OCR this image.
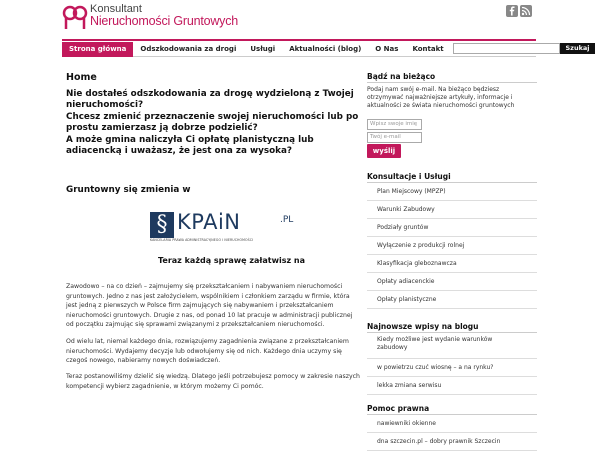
Konsultant
Nieruchomości Gruntowych
Strona główna	Odszkodowania za drogi	Usługi	Aktualności (blog)	O Nas	Kontakt	Szukaj
Home
Nie dostałeś odszkodowania za drogę wydzieloną z Twojej nieruchomości?
Chcesz zmienić przeznaczenie swojej nieruchomości lub po prostu zamierzasz ją dobrze podzielić?
A może gmina naliczyła Ci opłatę planistyczną lub adiacencką i uważasz, że jest ona za wysoka?
Gruntowny się zmienia w
§ KPAiN	.PL
KANCELARIA PRAWA ADMINISTRACYJNEGO I NIERUCHOMOŚCI
Teraz każdą sprawę załatwisz na
Zawodowo – na co dzień – zajmujemy się przekształcaniem i nabywaniem nieruchomości gruntowych. Jedno z nas jest założycielem, wspólnikiem i członkiem zarządu w firmie, która jest jedną z pierwszych w Polsce firm zajmujących się nabywaniem i przekształcaniem nieruchomości gruntowych. Drugie z nas, od ponad 10 lat pracuje w administracji publicznej od początku zajmując się sprawami związanymi z przekształcaniem nieruchomości.
Od wielu lat, niemal każdego dnia, rozwiązujemy zagadnienia związane z przekształcaniem nieruchomości. Wydajemy decyzje lub odwołujemy się od nich. Każdego dnia uczymy się czegoś nowego, nabieramy nowych doświadczeń.
Teraz postanowiliśmy dzielić się wiedzą. Dlatego jeśli potrzebujesz pomocy w zakresie naszych kompetencji wybierz zagadnienie, w którym możemy Ci pomóc.
Bądź na bieżąco
Podaj nam swój e-mail. Na bieżąco będziesz otrzymywać najważniejsze artykuły, informacje i aktualności ze świata nieruchomości gruntowych
Wpisz swoje imię
Twój e-mail
wyślij
Konsultacje i Usługi
Plan Miejscowy (MPZP)
Warunki Zabudowy
Podziały gruntów
Wyłączenie z produkcji rolnej
Klasyfikacja gleboznawcza
Opłaty adiacenckie
Opłaty planistyczne
Najnowsze wpisy na blogu
Kiedy możliwe jest wydanie warunków zabudowy
w powietrzu czuć wiosnę – a na rynku?
lekka zmiana serwisu
Pomoc prawna
nawiewniki okienne
dna szczecin.pl – dobry prawnik Szczecin
